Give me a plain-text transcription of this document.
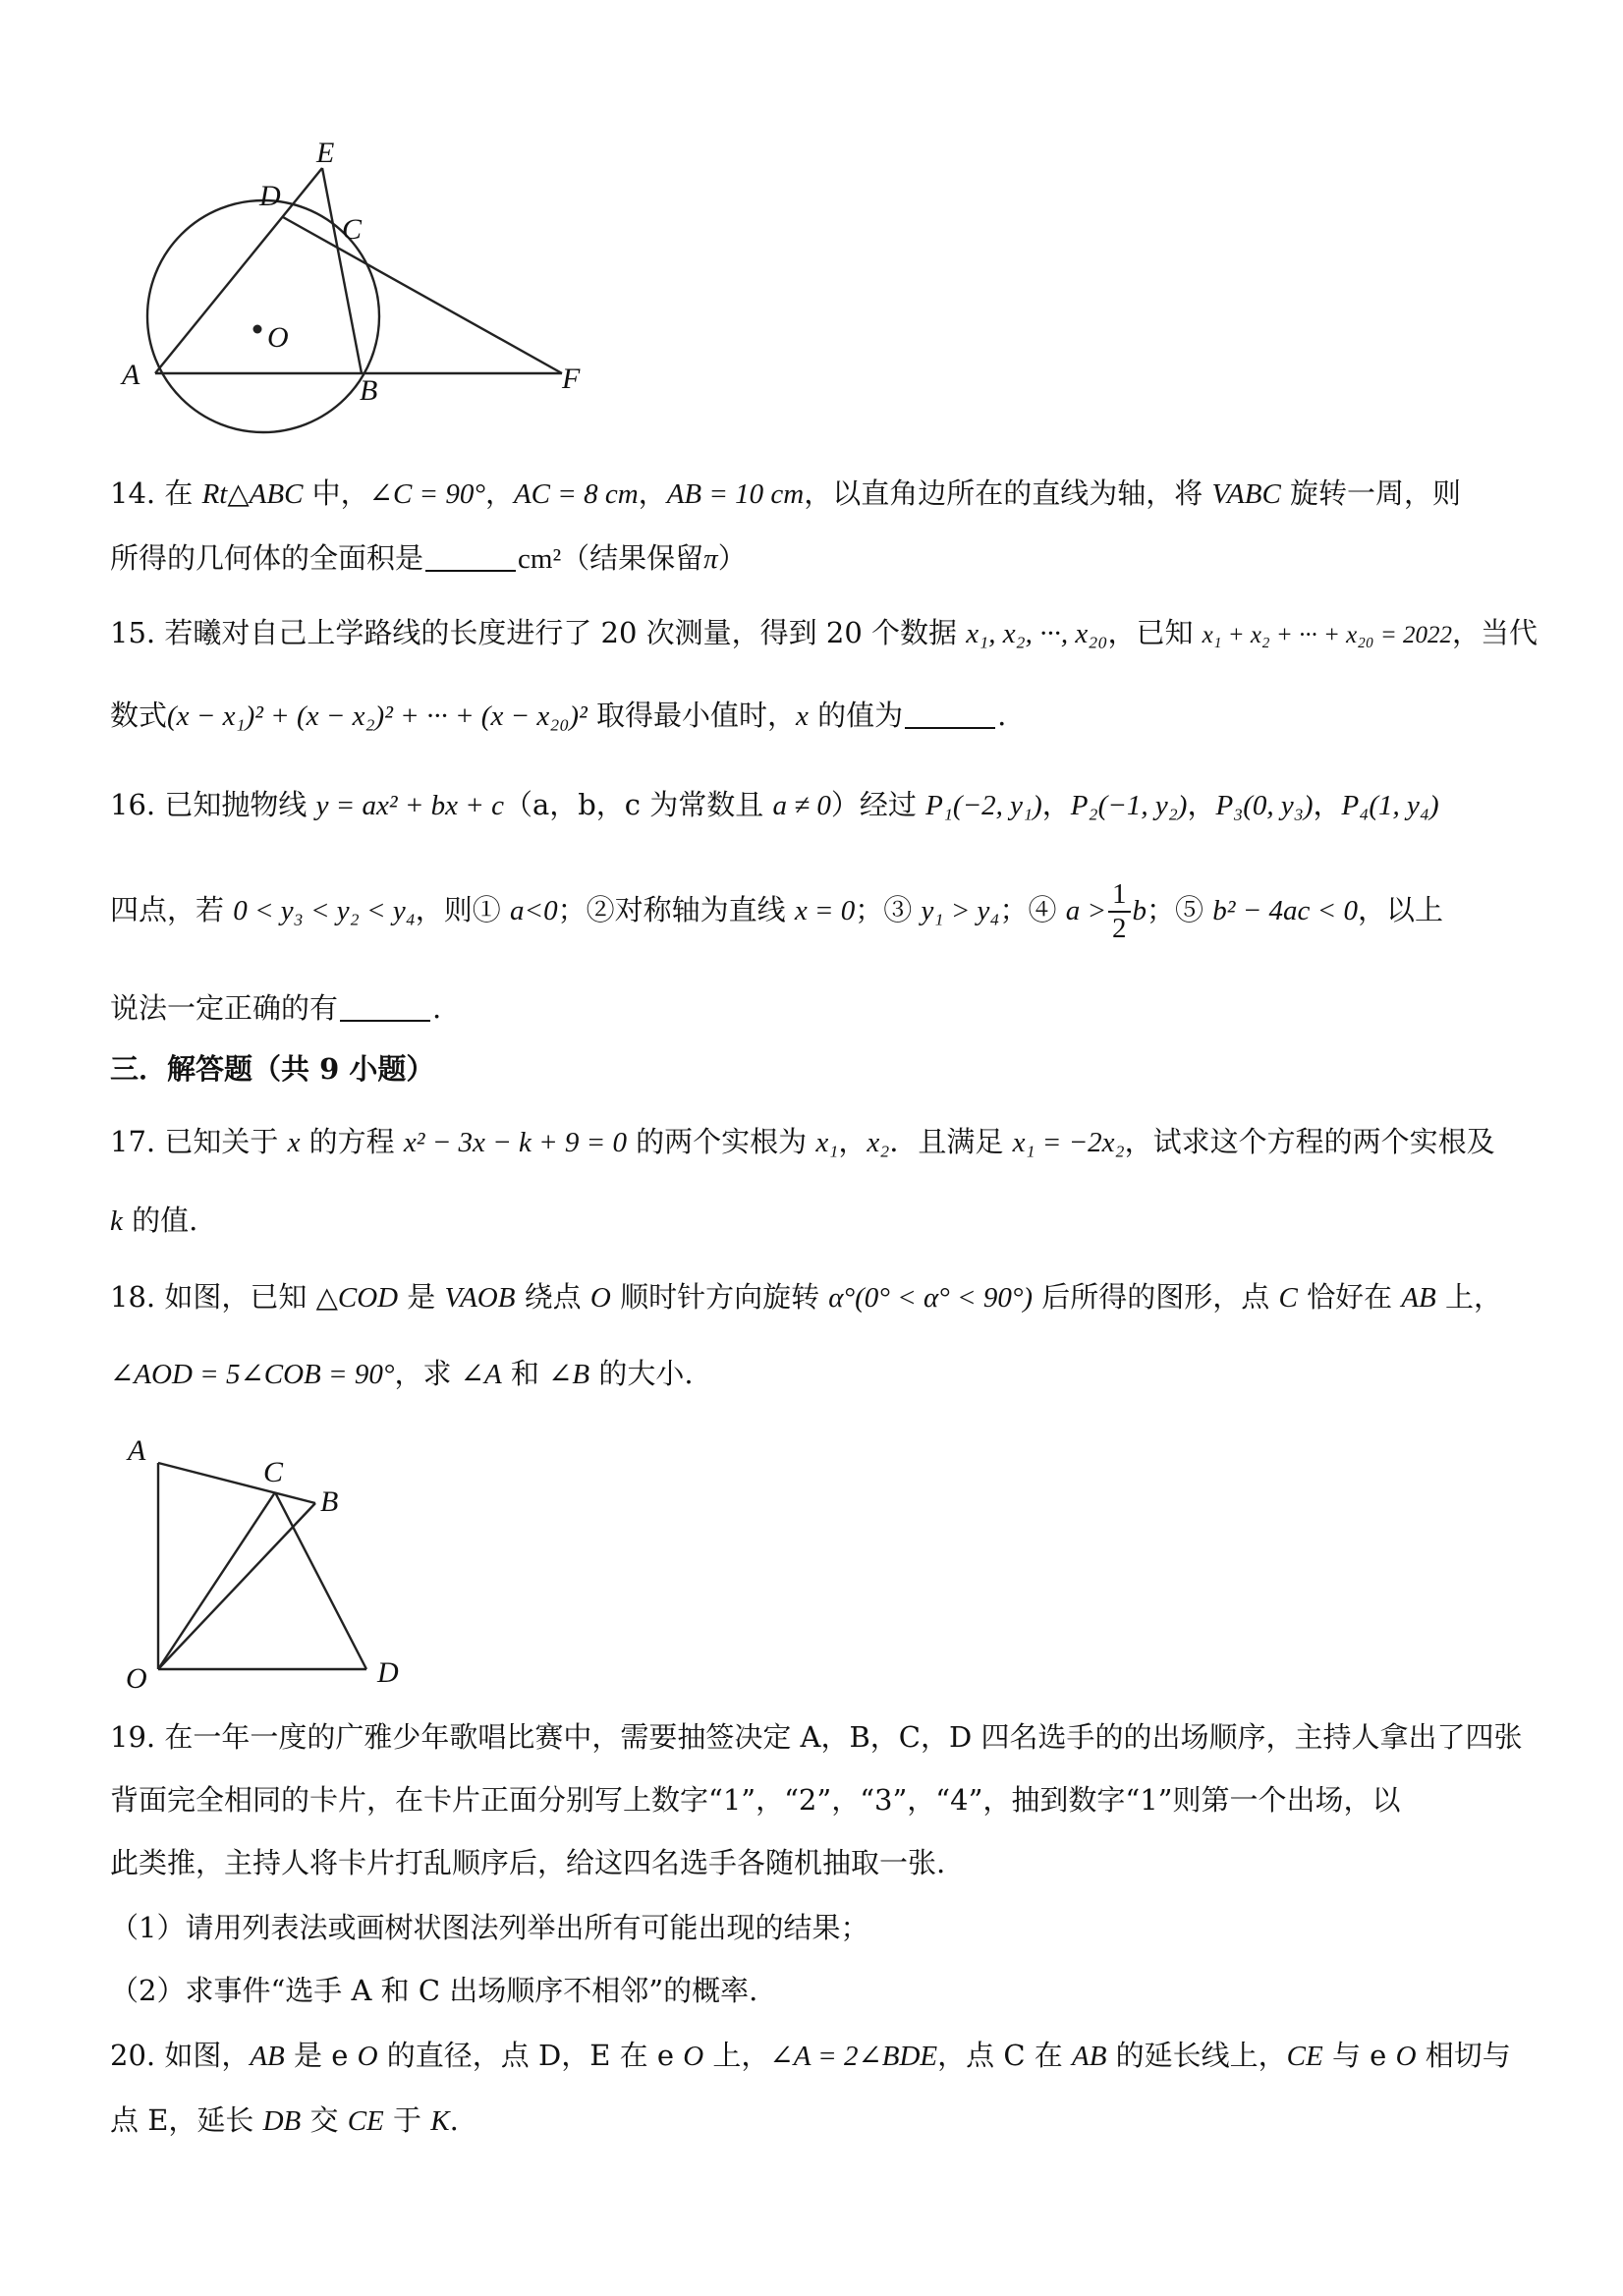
E
D
C
O
A	B	F
14. 在 Rt△ABC 中，∠C = 90°，AC = 8 cm，AB = 10 cm，以直角边所在的直线为轴，将 VABC 旋转一周，则
所得的几何体的全面积是	cm²（结果保留π）
15. 若曦对自己上学路线的长度进行了 20 次测量，得到 20 个数据 x₁, x₂, ···, x₂₀，已知 x₁ + x₂ + ··· + x₂₀ = 2022，当代
数式(x − x₁)² + (x − x₂)² + ··· + (x − x₂₀)² 取得最小值时，x 的值为	.
16. 已知抛物线 y = ax² + bx + c（a，b，c 为常数且 a ≠ 0）经过 P₁(−2, y₁)，P₂(−1, y₂)，P₃(0, y₃)，P₄(1, y₄)
四点，若 0 < y₃ < y₂ < y₄，则① a<0；②对称轴为直线 x = 0；③ y₁ > y₄；④ $a > \frac{1}{2}$ b；⑤ b² − 4ac < 0，以上
说法一定正确的有	.
三．解答题（共 9 小题）
17. 已知关于 x 的方程 x² − 3x − k + 9 = 0 的两个实根为 x₁，x₂．且满足 x₁ = −2x₂，试求这个方程的两个实根及
k 的值.
18. 如图，已知 △COD 是 VAOB 绕点 O 顺时针方向旋转 α°(0° < α° < 90°) 后所得的图形，点 C 恰好在 AB 上，
∠AOD = 5∠COB = 90°，求 ∠A 和 ∠B 的大小.
A
C
B
O	D
19. 在一年一度的广雅少年歌唱比赛中，需要抽签决定 A，B，C，D 四名选手的的出场顺序，主持人拿出了四张
背面完全相同的卡片，在卡片正面分别写上数字“1”，“2”，“3”，“4”，抽到数字“1”则第一个出场，以
此类推，主持人将卡片打乱顺序后，给这四名选手各随机抽取一张.
（1）请用列表法或画树状图法列举出所有可能出现的结果；
（2）求事件“选手 A 和 C 出场顺序不相邻”的概率.
20. 如图，AB 是 e O 的直径，点 D，E 在 e O 上，∠A = 2∠BDE，点 C 在 AB 的延长线上，CE 与 e O 相切与
点 E，延长 DB 交 CE 于 K.
